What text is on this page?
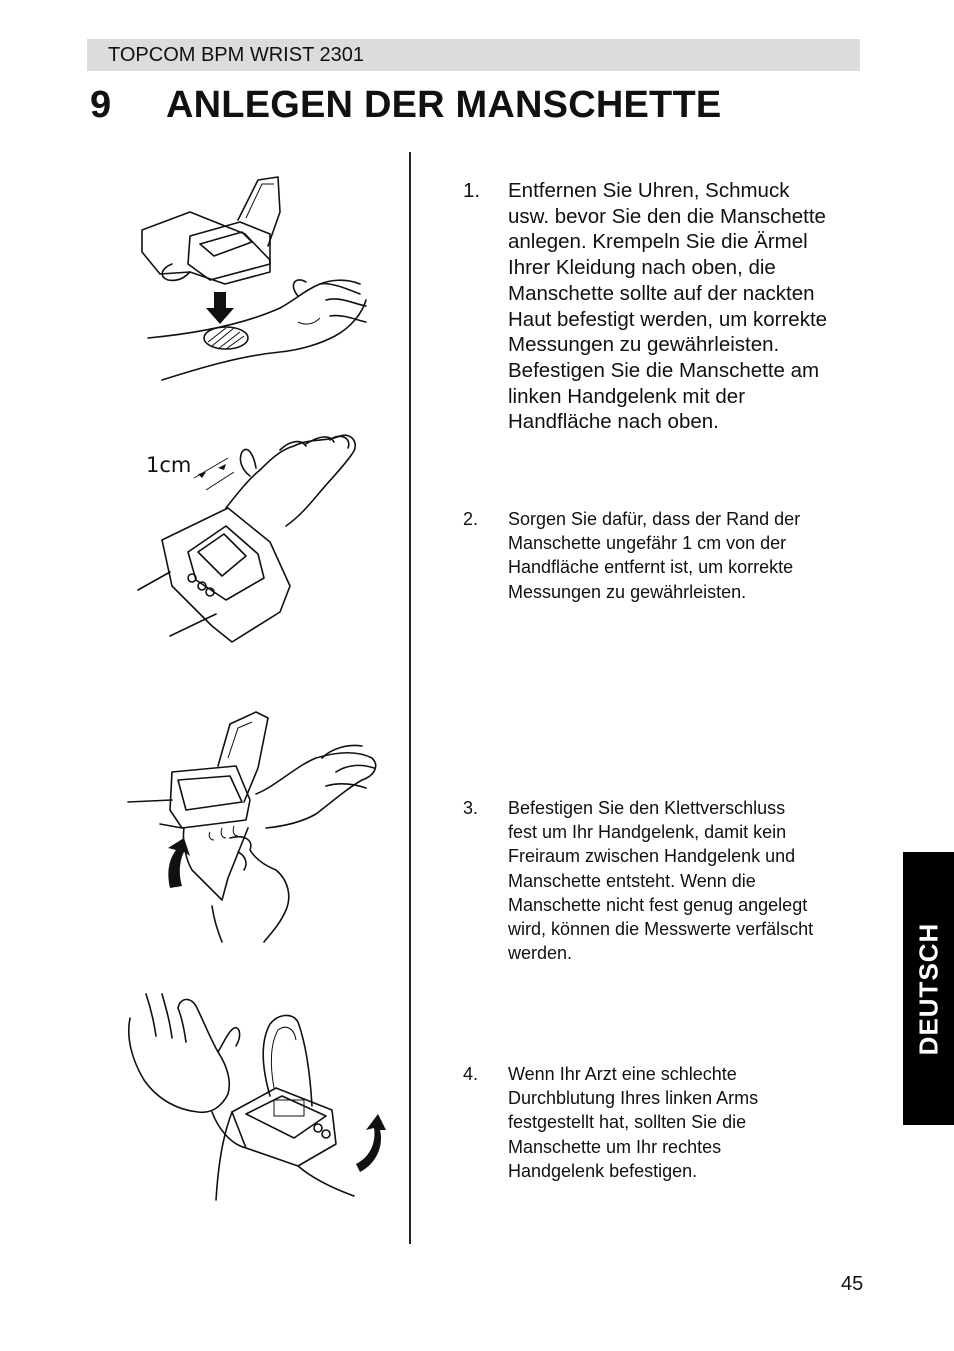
TOPCOM BPM WRIST 2301
9 ANLEGEN DER MANSCHETTE
1cm
1. Entfernen Sie Uhren, Schmuck
usw. bevor Sie den die Manschette
anlegen. Krempeln Sie die Ärmel
Ihrer Kleidung nach oben, die
Manschette sollte auf der nackten
Haut befestigt werden, um korrekte
Messungen zu gewährleisten.
Befestigen Sie die Manschette am
linken Handgelenk mit der
Handfläche nach oben.
2. Sorgen Sie dafür, dass der Rand der
Manschette ungefähr 1 cm von der
Handfläche entfernt ist, um korrekte
Messungen zu gewährleisten.
3. Befestigen Sie den Klettverschluss
fest um Ihr Handgelenk, damit kein
Freiraum zwischen Handgelenk und
Manschette entsteht. Wenn die
Manschette nicht fest genug angelegt
wird, können die Messwerte verfälscht
werden.
4. Wenn Ihr Arzt eine schlechte
Durchblutung Ihres linken Arms
festgestellt hat, sollten Sie die
Manschette um Ihr rechtes
Handgelenk befestigen.
DEUTSCH
45
